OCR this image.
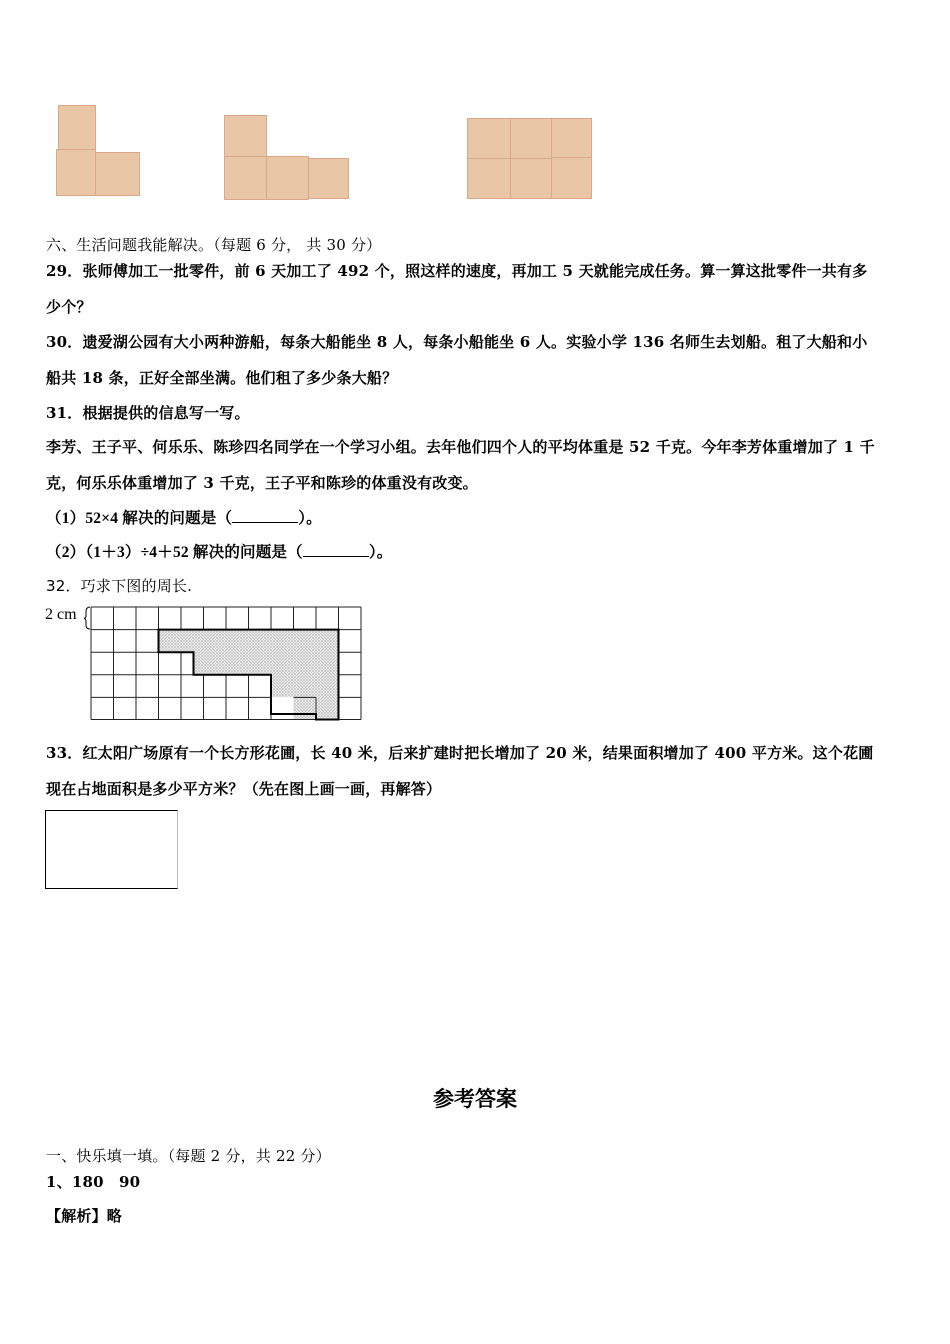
六、生活问题我能解决。（每题 6 分， 共 30 分）
29．张师傅加工一批零件，前 6 天加工了 492 个，照这样的速度，再加工 5 天就能完成任务。算一算这批零件一共有多
少个？
30．遗爱湖公园有大小两种游船，每条大船能坐 8 人，每条小船能坐 6 人。实验小学 136 名师生去划船。租了大船和小
船共 18 条，正好全部坐满。他们租了多少条大船？
31．根据提供的信息写一写。
李芳、王子平、何乐乐、陈珍四名同学在一个学习小组。去年他们四个人的平均体重是 52 千克。今年李芳体重增加了 1 千
克，何乐乐体重增加了 3 千克，王子平和陈珍的体重没有改变。
（1）52×4 解决的问题是（	）。
（2）（1＋3）÷4＋52 解决的问题是（	）。
32．巧求下图的周长.
2 cm
33．红太阳广场原有一个长方形花圃，长 40 米，后来扩建时把长增加了 20 米，结果面积增加了 400 平方米。这个花圃
现在占地面积是多少平方米？（先在图上画一画，再解答）
参考答案
一、快乐填一填。（每题 2 分，共 22 分）
1、180　90
【解析】略
